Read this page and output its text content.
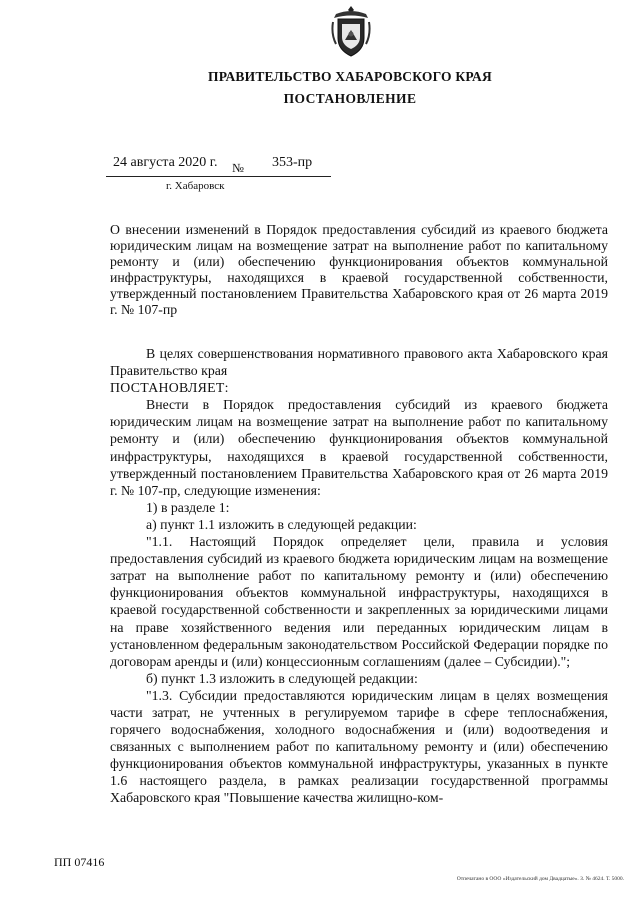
ПРАВИТЕЛЬСТВО ХАБАРОВСКОГО КРАЯ
ПОСТАНОВЛЕНИЕ
24 августа 2020 г. № 353-пр
г. Хабаровск

О внесении изменений в Порядок предоставления субсидий из краевого бюджета юридическим лицам на возмещение затрат на выполнение работ по капитальному ремонту и (или) обеспечению функционирования объектов коммунальной инфраструктуры, находящихся в краевой государственной собственности, утвержденный постановлением Правительства Хабаровского края от 26 марта 2019 г. № 107-пр

В целях совершенствования нормативного правового акта Хабаровского края Правительство края

ПОСТАНОВЛЯЕТ:

Внести в Порядок предоставления субсидий из краевого бюджета юридическим лицам на возмещение затрат на выполнение работ по капитальному ремонту и (или) обеспечению функционирования объектов коммунальной инфраструктуры, находящихся в краевой государственной собственности, утвержденный постановлением Правительства Хабаровского края от 26 марта 2019 г. № 107-пр, следующие изменения:

1) в разделе 1:

а) пункт 1.1 изложить в следующей редакции:

"1.1. Настоящий Порядок определяет цели, правила и условия предоставления субсидий из краевого бюджета юридическим лицам на возмещение затрат на выполнение работ по капитальному ремонту и (или) обеспечению функционирования объектов коммунальной инфраструктуры, находящихся в краевой государственной собственности и закрепленных за юридическими лицами на праве хозяйственного ведения или переданных юридическим лицам в установленном федеральным законодательством Российской Федерации порядке по договорам аренды и (или) концессионным соглашениям (далее – Субсидии).";

б) пункт 1.3 изложить в следующей редакции:

"1.3. Субсидии предоставляются юридическим лицам в целях возмещения части затрат, не учтенных в регулируемом тарифе в сфере теплоснабжения, горячего водоснабжения, холодного водоснабжения и (или) водоотведения и связанных с выполнением работ по капитальному ремонту и (или) обеспечению функционирования объектов коммунальной инфраструктуры, указанных в пункте 1.6 настоящего раздела, в рамках реализации государственной программы Хабаровского края "Повышение качества жилищно-ком-

ПП 07416
Отпечатано в ООО «Издательский дом Двадцатые». З. № 4624. Т. 5000.
